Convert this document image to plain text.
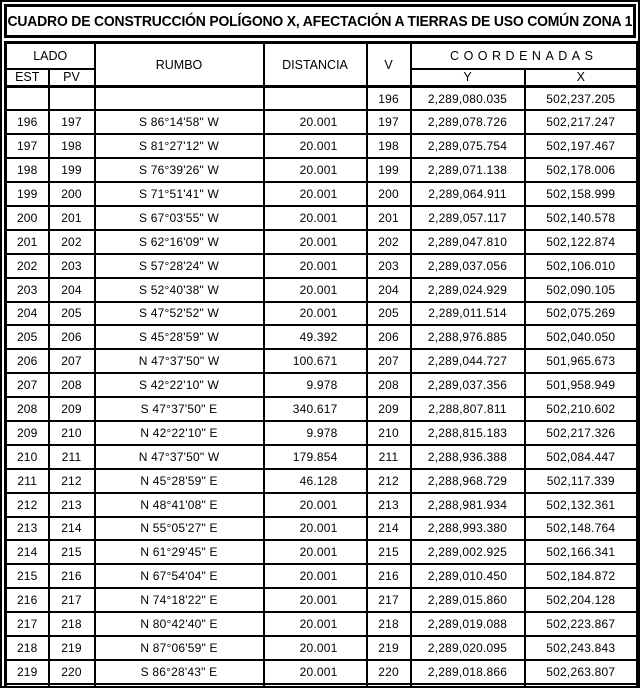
CUADRO DE CONSTRUCCIÓN POLÍGONO X, AFECTACIÓN A TIERRAS DE USO COMÚN ZONA 1
LADO		RUMBO	DISTANCIA	V	COORDENADAS	
EST	PV				Y	X
				196	2,289,080.035	502,237.205
196	197	S 86°14'58" W	20.001	197	2,289,078.726	502,217.247
197	198	S 81°27'12" W	20.001	198	2,289,075.754	502,197.467
198	199	S 76°39'26" W	20.001	199	2,289,071.138	502,178.006
199	200	S 71°51'41" W	20.001	200	2,289,064.911	502,158.999
200	201	S 67°03'55" W	20.001	201	2,289,057.117	502,140.578
201	202	S 62°16'09" W	20.001	202	2,289,047.810	502,122.874
202	203	S 57°28'24" W	20.001	203	2,289,037.056	502,106.010
203	204	S 52°40'38" W	20.001	204	2,289,024.929	502,090.105
204	205	S 47°52'52" W	20.001	205	2,289,011.514	502,075.269
205	206	S 45°28'59" W	49.392	206	2,288,976.885	502,040.050
206	207	N 47°37'50" W	100.671	207	2,289,044.727	501,965.673
207	208	S 42°22'10" W	9.978	208	2,289,037.356	501,958.949
208	209	S 47°37'50" E	340.617	209	2,288,807.811	502,210.602
209	210	N 42°22'10" E	9.978	210	2,288,815.183	502,217.326
210	211	N 47°37'50" W	179.854	211	2,288,936.388	502,084.447
211	212	N 45°28'59" E	46.128	212	2,288,968.729	502,117.339
212	213	N 48°41'08" E	20.001	213	2,288,981.934	502,132.361
213	214	N 55°05'27" E	20.001	214	2,288,993.380	502,148.764
214	215	N 61°29'45" E	20.001	215	2,289,002.925	502,166.341
215	216	N 67°54'04" E	20.001	216	2,289,010.450	502,184.872
216	217	N 74°18'22" E	20.001	217	2,289,015.860	502,204.128
217	218	N 80°42'40" E	20.001	218	2,289,019.088	502,223.867
218	219	N 87°06'59" E	20.001	219	2,289,020.095	502,243.843
219	220	S 86°28'43" E	20.001	220	2,289,018.866	502,263.807
